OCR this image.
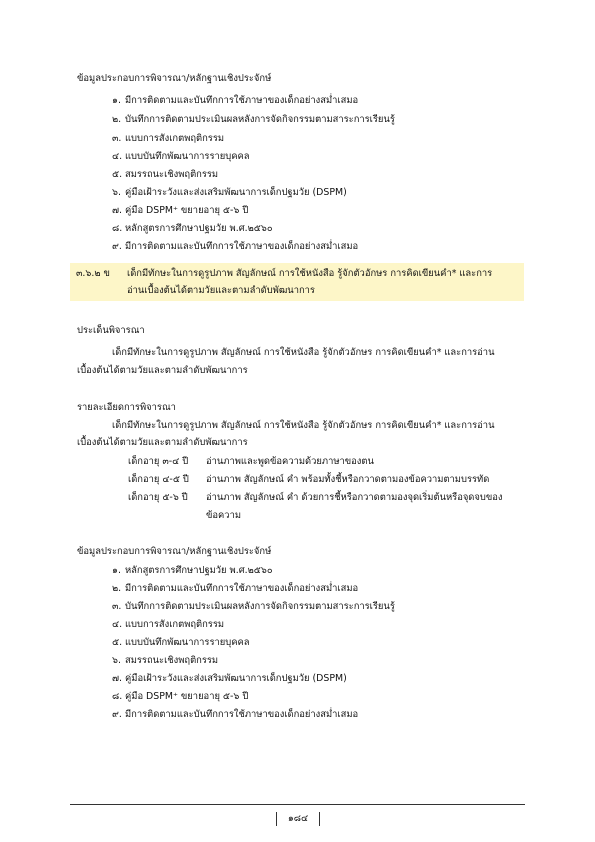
ข้อมูลประกอบการพิจารณา/หลักฐานเชิงประจักษ์
๑. มีการติดตามและบันทึกการใช้ภาษาของเด็กอย่างสม่ำเสมอ
๒. บันทึกการติดตามประเมินผลหลังการจัดกิจกรรมตามสาระการเรียนรู้
๓. แบบการสังเกตพฤติกรรม
๔. แบบบันทึกพัฒนาการรายบุคคล
๕. สมรรถนะเชิงพฤติกรรม
๖. คู่มือเฝ้าระวังและส่งเสริมพัฒนาการเด็กปฐมวัย (DSPM)
๗. คู่มือ DSPM⁺ ขยายอายุ ๕-๖ ปี
๘. หลักสูตรการศึกษาปฐมวัย พ.ศ.๒๕๖๐
๙. มีการติดตามและบันทึกการใช้ภาษาของเด็กอย่างสม่ำเสมอ
๓.๖.๒ ข เด็กมีทักษะในการดูรูปภาพ สัญลักษณ์ การใช้หนังสือ รู้จักตัวอักษร การคิดเขียนคำ* และการ
อ่านเบื้องต้นได้ตามวัยและตามลำดับพัฒนาการ
ประเด็นพิจารณา
เด็กมีทักษะในการดูรูปภาพ สัญลักษณ์ การใช้หนังสือ รู้จักตัวอักษร การคิดเขียนคำ* และการอ่าน
เบื้องต้นได้ตามวัยและตามลำดับพัฒนาการ
รายละเอียดการพิจารณา
เด็กมีทักษะในการดูรูปภาพ สัญลักษณ์ การใช้หนังสือ รู้จักตัวอักษร การคิดเขียนคำ* และการอ่าน
เบื้องต้นได้ตามวัยและตามลำดับพัฒนาการ
เด็กอายุ ๓-๔ ปี อ่านภาพและพูดข้อความด้วยภาษาของตน
เด็กอายุ ๔-๕ ปี อ่านภาพ สัญลักษณ์ คำ พร้อมทั้งชี้หรือกวาดตามองข้อความตามบรรทัด
เด็กอายุ ๕-๖ ปี อ่านภาพ สัญลักษณ์ คำ ด้วยการชี้หรือกวาดตามองจุดเริ่มต้นหรือจุดจบของ
ข้อความ
ข้อมูลประกอบการพิจารณา/หลักฐานเชิงประจักษ์
๑. หลักสูตรการศึกษาปฐมวัย พ.ศ.๒๕๖๐
๒. มีการติดตามและบันทึกการใช้ภาษาของเด็กอย่างสม่ำเสมอ
๓. บันทึกการติดตามประเมินผลหลังการจัดกิจกรรมตามสาระการเรียนรู้
๔. แบบการสังเกตพฤติกรรม
๕. แบบบันทึกพัฒนาการรายบุคคล
๖. สมรรถนะเชิงพฤติกรรม
๗. คู่มือเฝ้าระวังและส่งเสริมพัฒนาการเด็กปฐมวัย (DSPM)
๘. คู่มือ DSPM⁺ ขยายอายุ ๕-๖ ปี
๙. มีการติดตามและบันทึกการใช้ภาษาของเด็กอย่างสม่ำเสมอ
๑๘๔
